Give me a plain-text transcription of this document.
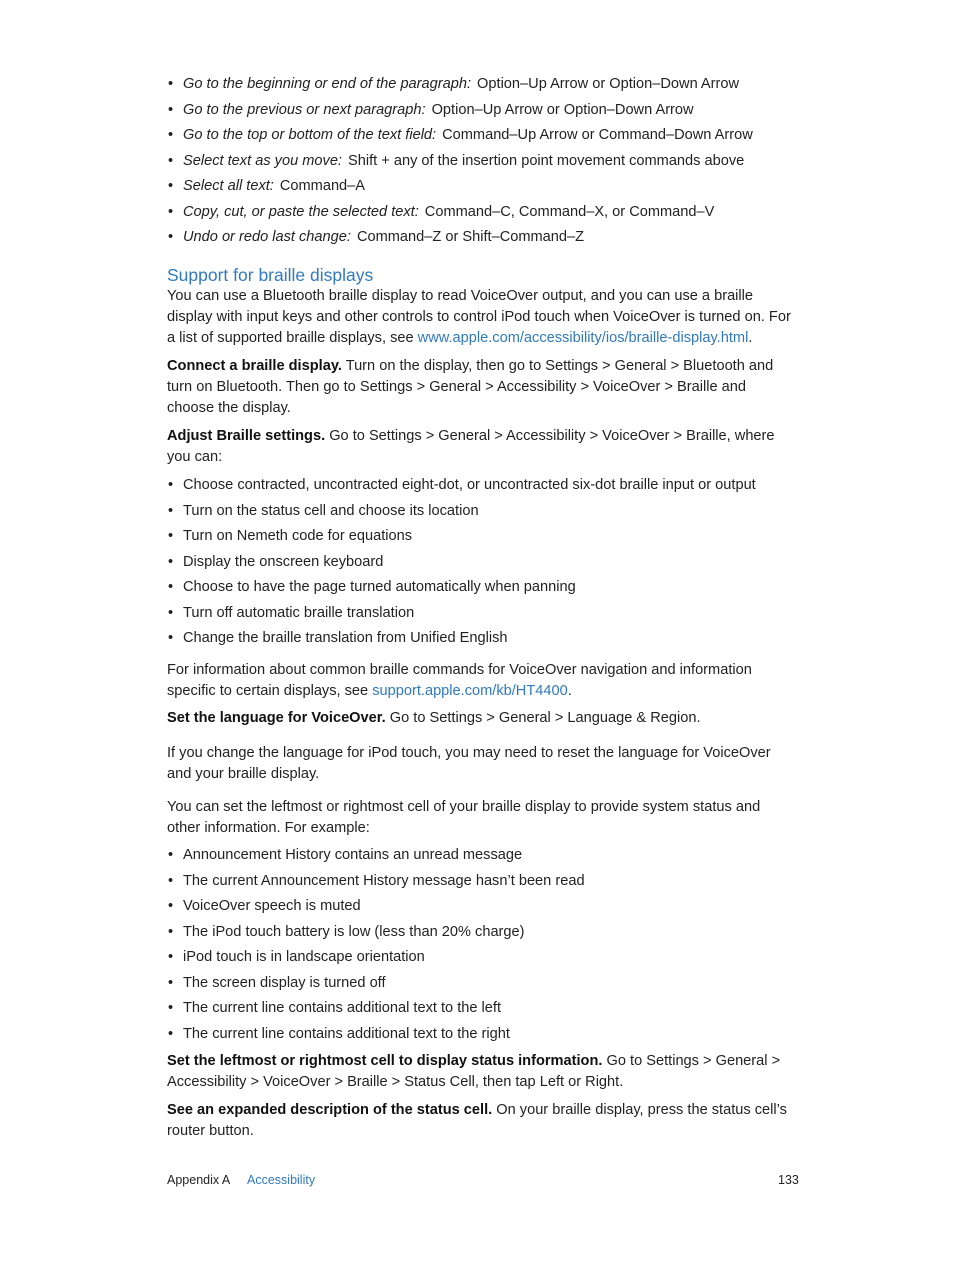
• Go to the beginning or end of the paragraph: Option–Up Arrow or Option–Down Arrow
• Go to the previous or next paragraph: Option–Up Arrow or Option–Down Arrow
• Go to the top or bottom of the text field: Command–Up Arrow or Command–Down Arrow
• Select text as you move: Shift + any of the insertion point movement commands above
• Select all text: Command–A
• Copy, cut, or paste the selected text: Command–C, Command–X, or Command–V
• Undo or redo last change: Command–Z or Shift–Command–Z
Support for braille displays
You can use a Bluetooth braille display to read VoiceOver output, and you can use a braille display with input keys and other controls to control iPod touch when VoiceOver is turned on. For a list of supported braille displays, see www.apple.com/accessibility/ios/braille-display.html.
Connect a braille display. Turn on the display, then go to Settings > General > Bluetooth and turn on Bluetooth. Then go to Settings > General > Accessibility > VoiceOver > Braille and choose the display.
Adjust Braille settings. Go to Settings > General > Accessibility > VoiceOver > Braille, where you can:
• Choose contracted, uncontracted eight-dot, or uncontracted six-dot braille input or output
• Turn on the status cell and choose its location
• Turn on Nemeth code for equations
• Display the onscreen keyboard
• Choose to have the page turned automatically when panning
• Turn off automatic braille translation
• Change the braille translation from Unified English
For information about common braille commands for VoiceOver navigation and information specific to certain displays, see support.apple.com/kb/HT4400.
Set the language for VoiceOver. Go to Settings > General > Language & Region.
If you change the language for iPod touch, you may need to reset the language for VoiceOver and your braille display.
You can set the leftmost or rightmost cell of your braille display to provide system status and other information. For example:
• Announcement History contains an unread message
• The current Announcement History message hasn’t been read
• VoiceOver speech is muted
• The iPod touch battery is low (less than 20% charge)
• iPod touch is in landscape orientation
• The screen display is turned off
• The current line contains additional text to the left
• The current line contains additional text to the right
Set the leftmost or rightmost cell to display status information. Go to Settings > General > Accessibility > VoiceOver > Braille > Status Cell, then tap Left or Right.
See an expanded description of the status cell. On your braille display, press the status cell’s router button.
Appendix A Accessibility	133
